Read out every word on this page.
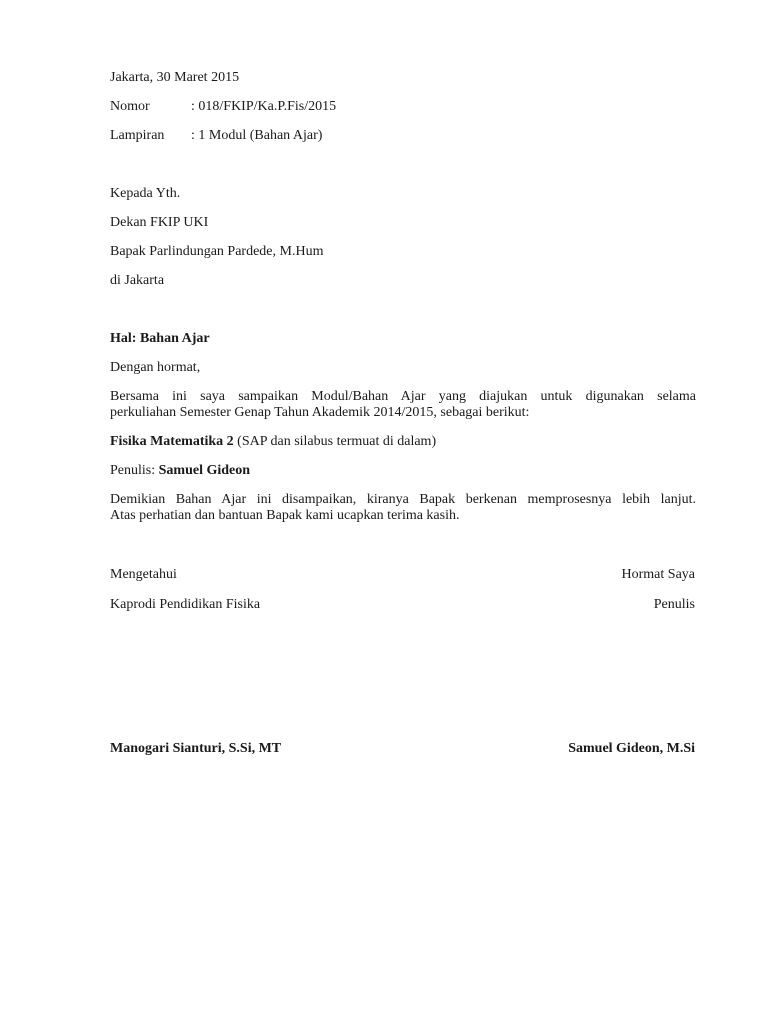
Jakarta, 30 Maret 2015
Nomor	: 018/FKIP/Ka.P.Fis/2015
Lampiran : 1 Modul (Bahan Ajar)
Kepada Yth.
Dekan FKIP UKI
Bapak Parlindungan Pardede, M.Hum
di Jakarta
Hal: Bahan Ajar
Dengan hormat,
Bersama ini saya sampaikan Modul/Bahan Ajar yang diajukan untuk digunakan selama
perkuliahan Semester Genap Tahun Akademik 2014/2015, sebagai berikut:
Fisika Matematika 2 (SAP dan silabus termuat di dalam)
Penulis: Samuel Gideon
Demikian Bahan Ajar ini disampaikan, kiranya Bapak berkenan memprosesnya lebih lanjut.
Atas perhatian dan bantuan Bapak kami ucapkan terima kasih.
Mengetahui	Hormat Saya
Kaprodi Pendidikan Fisika	Penulis
Manogari Sianturi, S.Si, MT	Samuel Gideon, M.Si
